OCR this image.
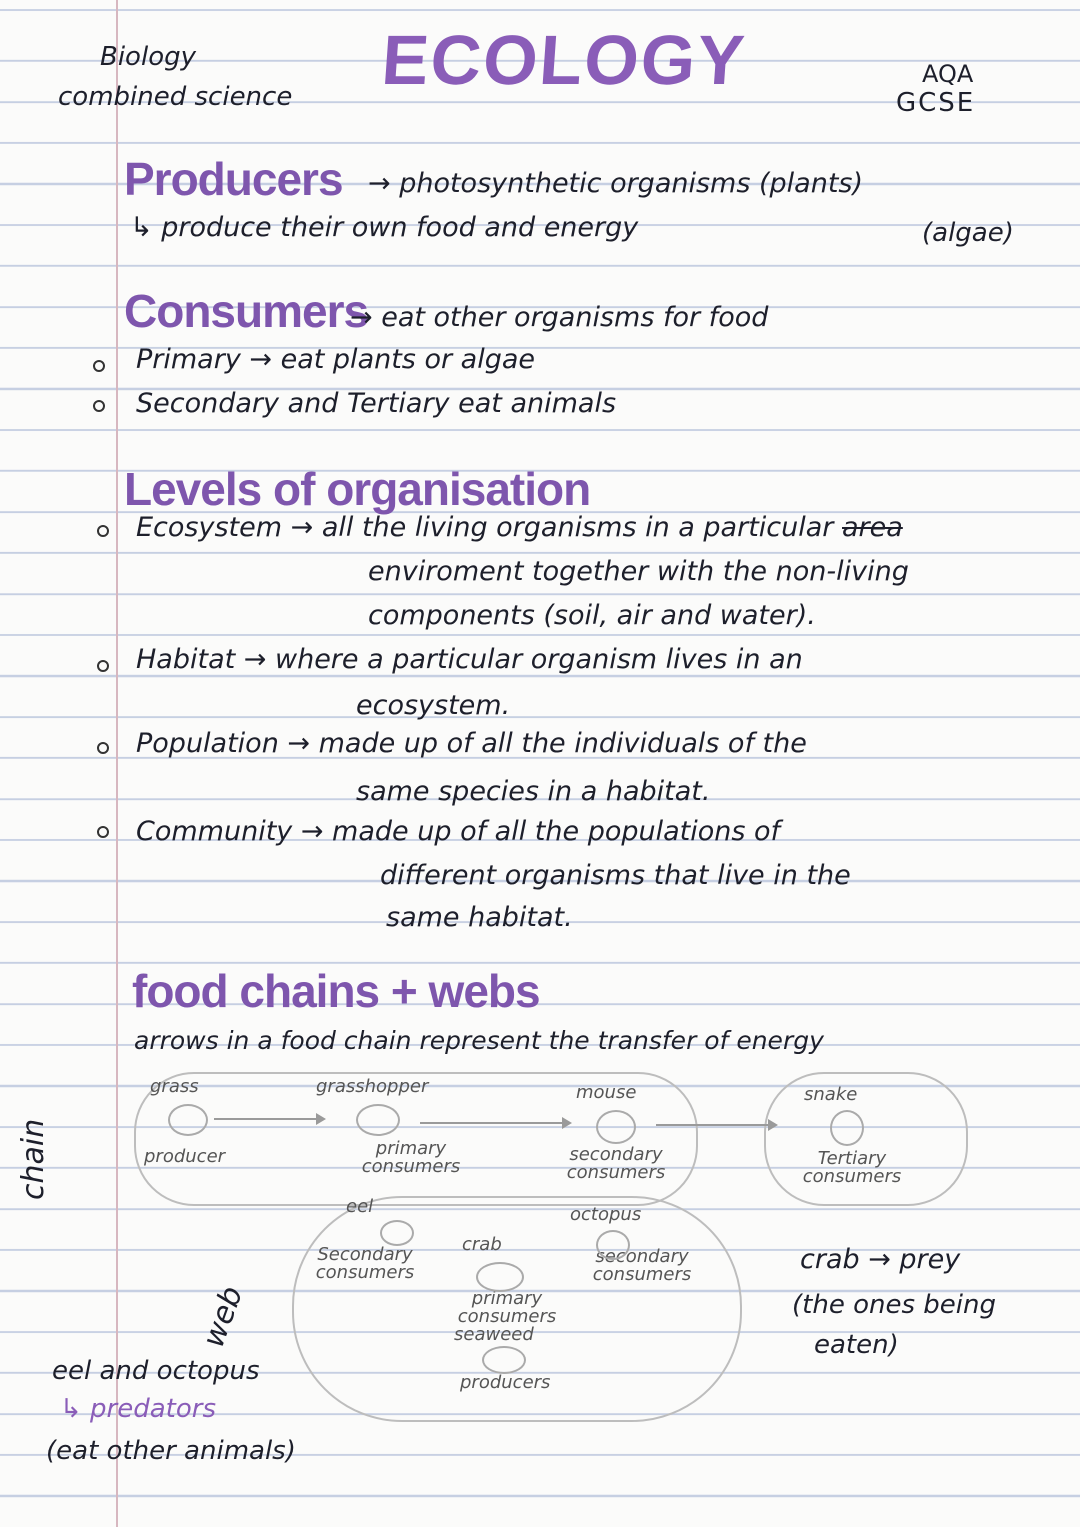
Biology
combined science ECOLOGY	AQA
GCSE
Producers → photosynthetic organisms (plants)
↳ produce their own food and energy	(algae)
Consumers
→ eat other organisms for food
Primary → eat plants or algae
Secondary and Tertiary eat animals
Levels of organisation
Ecosystem → all the living organisms in a particular area
enviroment together with the non-living
components (soil, air and water).
Habitat → where a particular organism lives in an
ecosystem.
Population → made up of all the individuals of the
same species in a habitat.
Community → made up of all the populations of
different organisms that live in the
same habitat.
food chains + webs
arrows in a food chain represent the transfer of energy
chain
grass	grasshopper	mouse	snake
producer	primary consumers
secondary consumers
Tertiary consumers
web
eel
Secondary consumers
crab
octopus
secondary consumers
primary consumers
seaweed
producers
crab → prey
(the ones being
eaten)
eel and octopus
↳ predators
(eat other animals)
